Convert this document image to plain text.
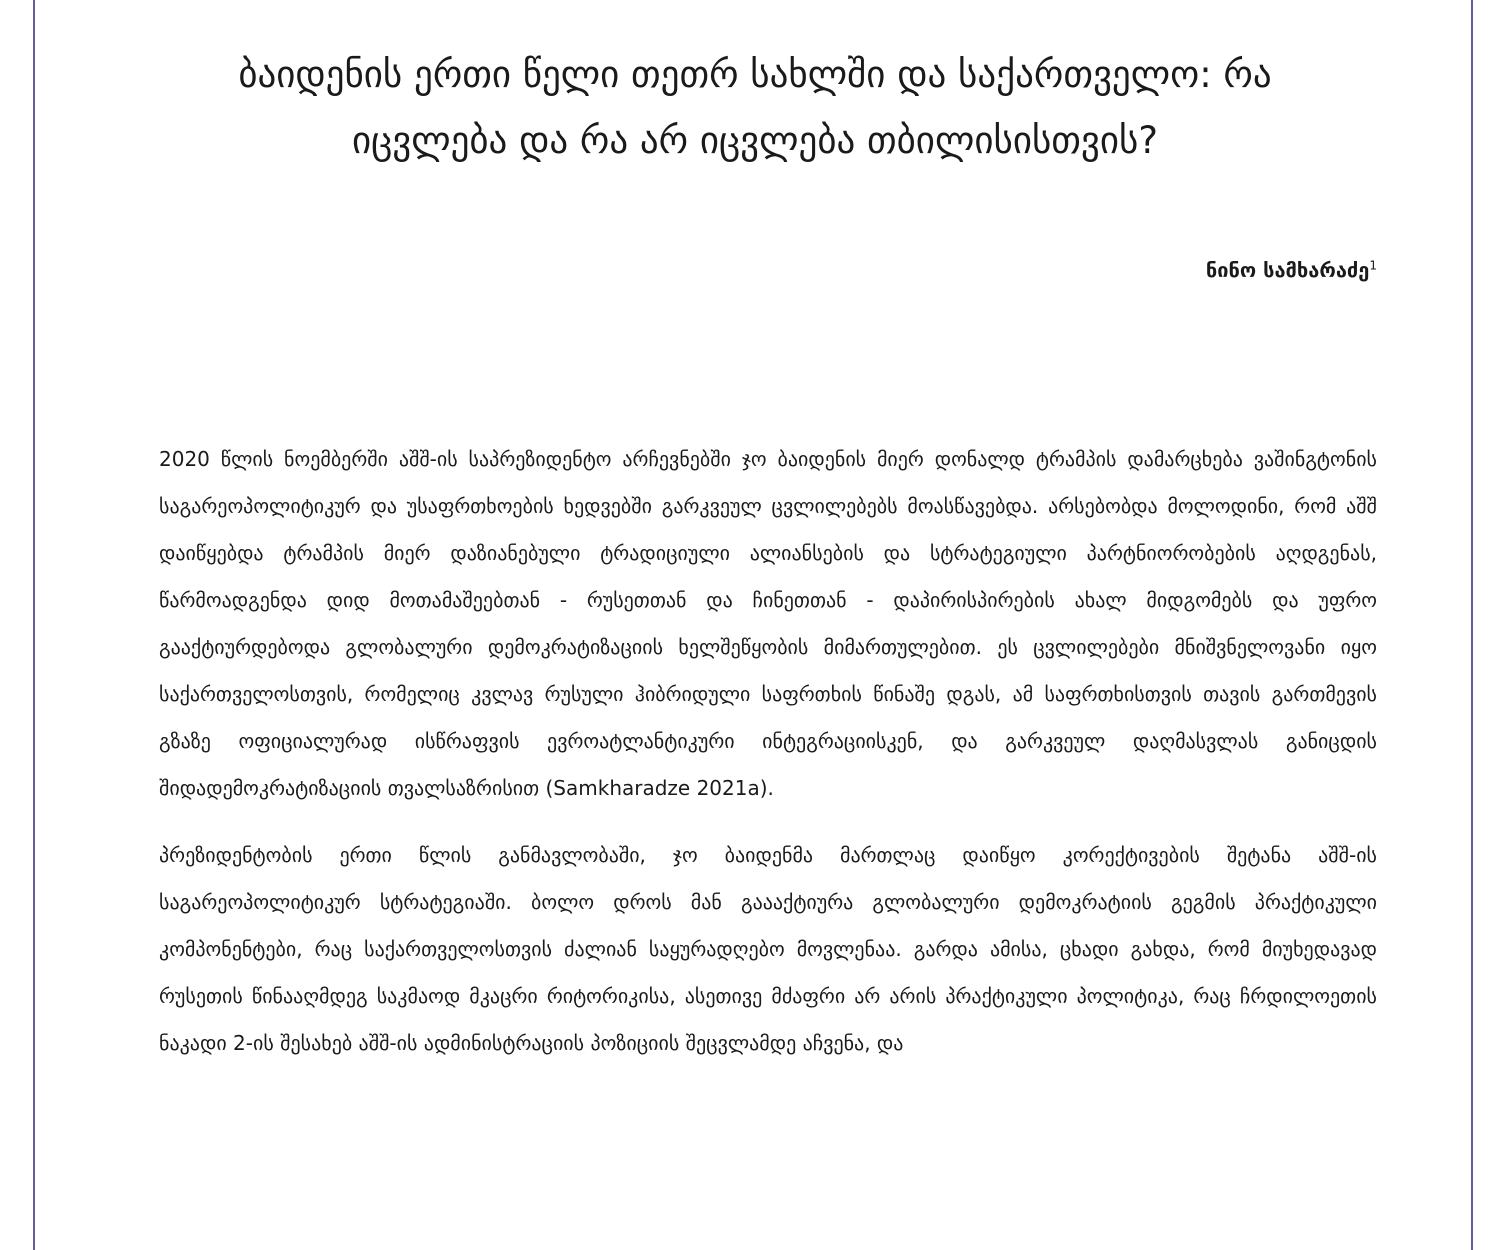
ბაიდენის ერთი წელი თეთრ სახლში და საქართველო: რა იცვლება და რა არ იცვლება თბილისისთვის?
ნინო სამხარაძე$^1$

2020 წლის ნოემბერში აშშ-ის საპრეზიდენტო არჩევნებში ჯო ბაიდენის მიერ დონალდ ტრამპის დამარცხება ვაშინგტონის საგარეოპოლიტიკურ და უსაფრთხოების ხედვებში გარკვეულ ცვლილებებს მოასწავებდა. არსებობდა მოლოდინი, რომ აშშ დაიწყებდა ტრამპის მიერ დაზიანებული ტრადიციული ალიანსების და სტრატეგიული პარტნიორობების აღდგენას, წარმოადგენდა დიდ მოთამაშეებთან - რუსეთთან და ჩინეთთან - დაპირისპირების ახალ მიდგომებს და უფრო გააქტიურდებოდა გლობალური დემოკრატიზაციის ხელშეწყობის მიმართულებით. ეს ცვლილებები მნიშვნელოვანი იყო საქართველოსთვის, რომელიც კვლავ რუსული ჰიბრიდული საფრთხის წინაშე დგას, ამ საფრთხისთვის თავის გართმევის გზაზე ოფიციალურად ისწრაფვის ევროატლანტიკური ინტეგრაციისკენ, და გარკვეულ დაღმასვლას განიცდის შიდადემოკრატიზაციის თვალსაზრისით (Samkharadze 2021a).

პრეზიდენტობის ერთი წლის განმავლობაში, ჯო ბაიდენმა მართლაც დაიწყო კორექტივების შეტანა აშშ-ის საგარეოპოლიტიკურ სტრატეგიაში. ბოლო დროს მან გაააქტიურა გლობალური დემოკრატიის გეგმის პრაქტიკული კომპონენტები, რაც საქართველოსთვის ძალიან საყურადღებო მოვლენაა. გარდა ამისა, ცხადი გახდა, რომ მიუხედავად რუსეთის წინააღმდეგ საკმაოდ მკაცრი რიტორიკისა, ასეთივე მძაფრი არ არის პრაქტიკული პოლიტიკა, რაც ჩრდილოეთის ნაკადი 2-ის შესახებ აშშ-ის ადმინისტრაციის პოზიციის შეცვლამდე აჩვენა, და
